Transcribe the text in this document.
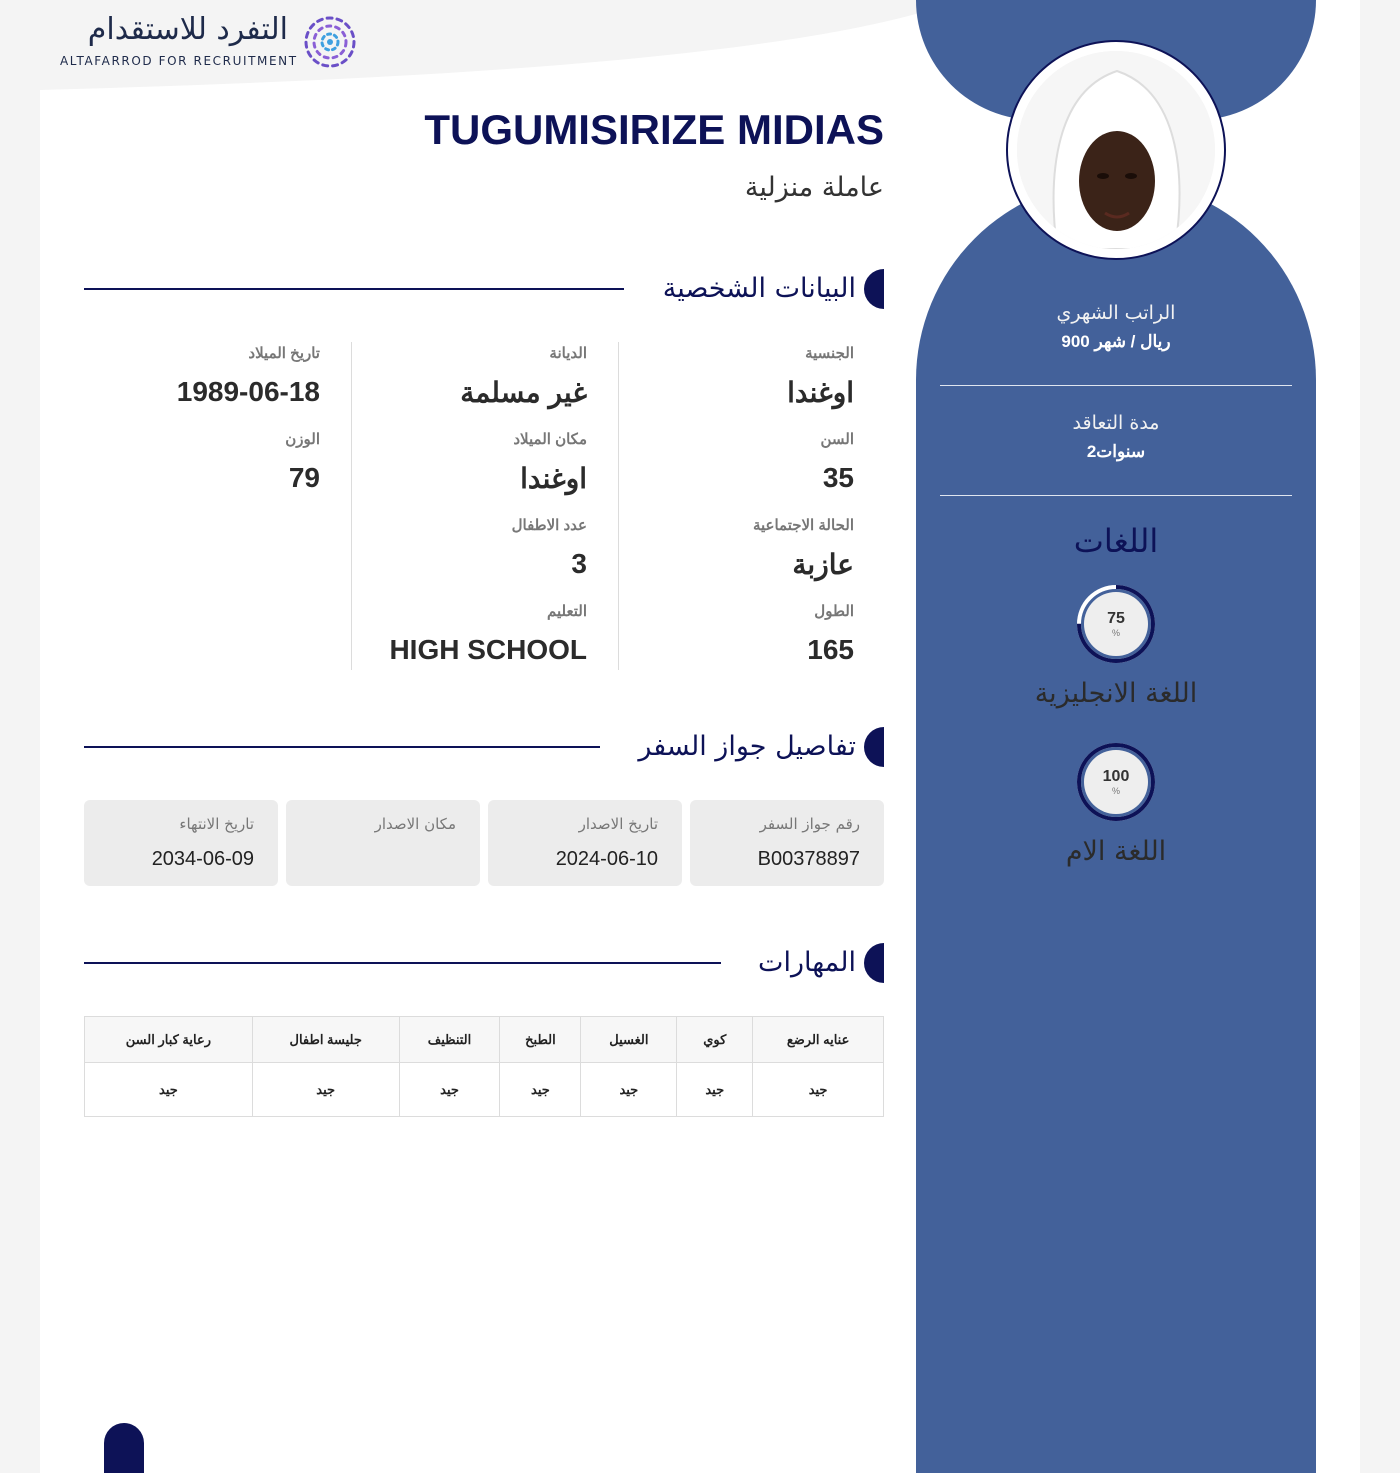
التفرد للاستقدام
ALTAFARROD FOR RECRUITMENT
الراتب الشهري
900 ريال / شهر
مدة التعاقد
2سنوات
اللغات
75
%
اللغة الانجليزية
100
%
اللغة الام
TUGUMISIRIZE MIDIAS
عاملة منزلية
البيانات الشخصية
الجنسية
اوغندا
السن
35
الحالة الاجتماعية
عازبة
الطول
165
الديانة
غير مسلمة
مكان الميلاد
اوغندا
عدد الاطفال
3
التعليم
HIGH SCHOOL
تاريخ الميلاد
1989-06-18
الوزن
79
تفاصيل جواز السفر
رقم جواز السفر
B00378897
تاريخ الاصدار
2024-06-10
مكان الاصدار
تاريخ الانتهاء
2034-06-09
المهارات
عنايه الرضع	كوي	الغسيل	الطبخ	التنظيف	جليسة اطفال	رعاية كبار السن
جيد	جيد	جيد	جيد	جيد	جيد	جيد
